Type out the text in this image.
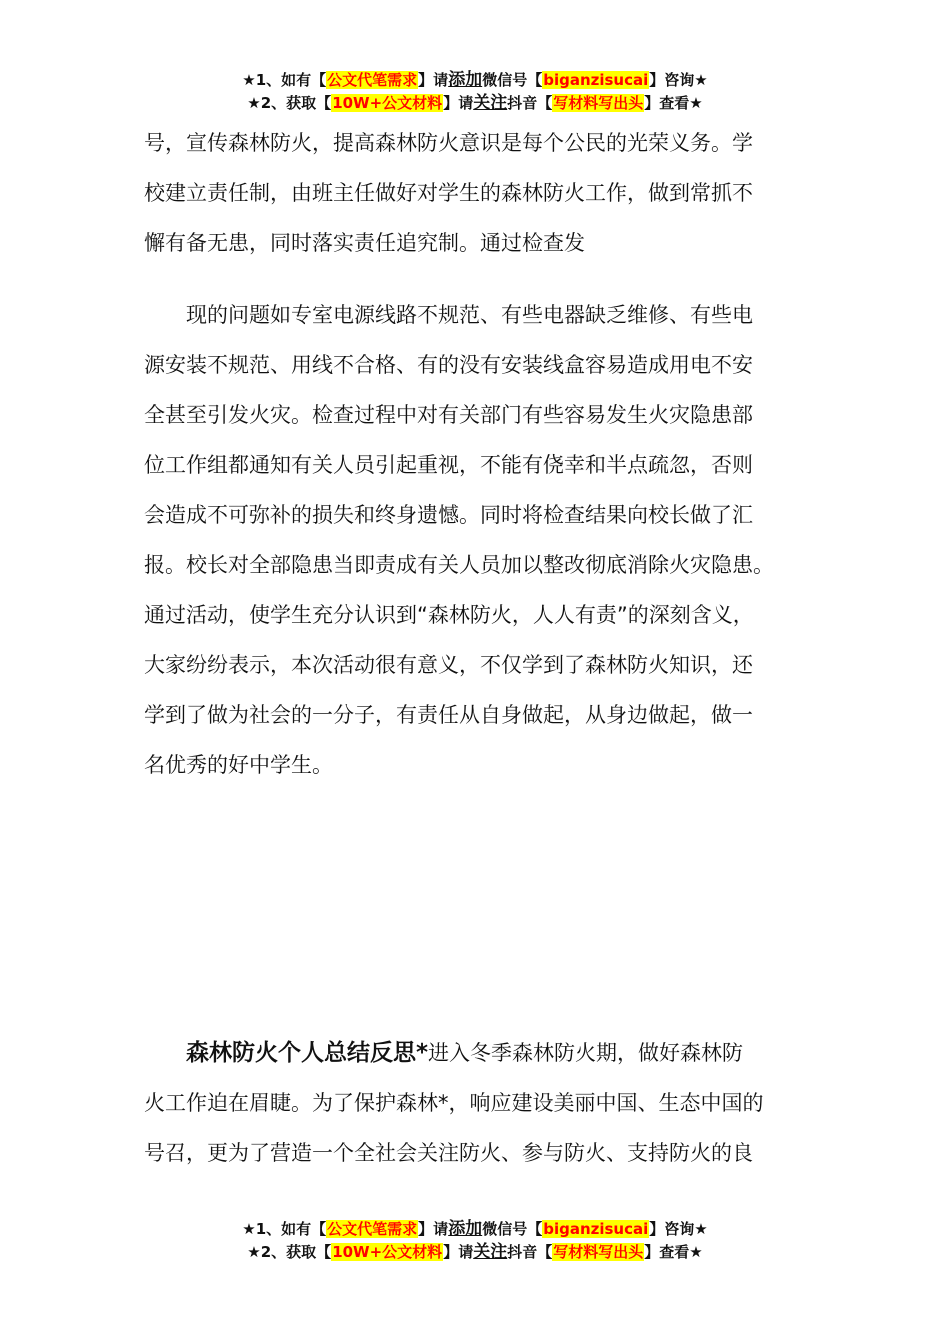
★1、如有【公文代笔需求】请添加微信号【biganzisucai】咨询★
★2、获取【10W+公文材料】请关注抖音【写材料写出头】查看★

号，宣传森林防火，提高森林防火意识是每个公民的光荣义务。学

校建立责任制，由班主任做好对学生的森林防火工作，做到常抓不

懈有备无患，同时落实责任追究制。通过检查发

　　现的问题如专室电源线路不规范、有些电器缺乏维修、有些电

源安装不规范、用线不合格、有的没有安装线盒容易造成用电不安

全甚至引发火灾。检查过程中对有关部门有些容易发生火灾隐患部

位工作组都通知有关人员引起重视，不能有侥幸和半点疏忽，否则

会造成不可弥补的损失和终身遗憾。同时将检查结果向校长做了汇

报。校长对全部隐患当即责成有关人员加以整改彻底消除火灾隐患。

通过活动，使学生充分认识到“森林防火，人人有责”的深刻含义，

大家纷纷表示，本次活动很有意义，不仅学到了森林防火知识，还

学到了做为社会的一分子，有责任从自身做起，从身边做起，做一

名优秀的好中学生。

　　森林防火个人总结反思*进入冬季森林防火期，做好森林防

火工作迫在眉睫。为了保护森林*，响应建设美丽中国、生态中国的

号召，更为了营造一个全社会关注防火、参与防火、支持防火的良

★1、如有【公文代笔需求】请添加微信号【biganzisucai】咨询★
★2、获取【10W+公文材料】请关注抖音【写材料写出头】查看★
